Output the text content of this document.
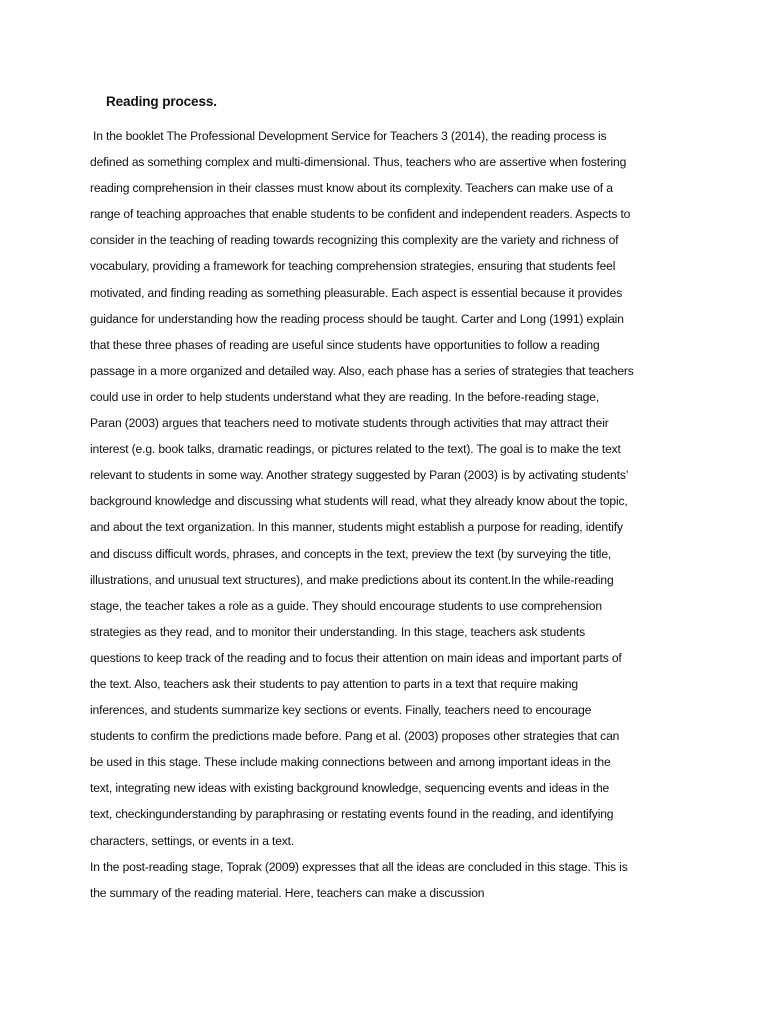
Reading process.
In the booklet The Professional Development Service for Teachers 3 (2014), the reading process is
defined as something complex and multi-dimensional. Thus, teachers who are assertive when fostering
reading comprehension in their classes must know about its complexity. Teachers can make use of a
range of teaching approaches that enable students to be confident and independent readers. Aspects to
consider in the teaching of reading towards recognizing this complexity are the variety and richness of
vocabulary, providing a framework for teaching comprehension strategies, ensuring that students feel
motivated, and finding reading as something pleasurable. Each aspect is essential because it provides
guidance for understanding how the reading process should be taught. Carter and Long (1991) explain
that these three phases of reading are useful since students have opportunities to follow a reading
passage in a more organized and detailed way. Also, each phase has a series of strategies that teachers
could use in order to help students understand what they are reading. In the before-reading stage,
Paran (2003) argues that teachers need to motivate students through activities that may attract their
interest (e.g. book talks, dramatic readings, or pictures related to the text). The goal is to make the text
relevant to students in some way. Another strategy suggested by Paran (2003) is by activating students’
background knowledge and discussing what students will read, what they already know about the topic,
and about the text organization. In this manner, students might establish a purpose for reading, identify
and discuss difficult words, phrases, and concepts in the text, preview the text (by surveying the title,
illustrations, and unusual text structures), and make predictions about its content.In the while-reading
stage, the teacher takes a role as a guide. They should encourage students to use comprehension
strategies as they read, and to monitor their understanding. In this stage, teachers ask students
questions to keep track of the reading and to focus their attention on main ideas and important parts of
the text. Also, teachers ask their students to pay attention to parts in a text that require making
inferences, and students summarize key sections or events. Finally, teachers need to encourage
students to confirm the predictions made before. Pang et al. (2003) proposes other strategies that can
be used in this stage. These include making connections between and among important ideas in the
text, integrating new ideas with existing background knowledge, sequencing events and ideas in the
text, checkingunderstanding by paraphrasing or restating events found in the reading, and identifying
characters, settings, or events in a text.
In the post-reading stage, Toprak (2009) expresses that all the ideas are concluded in this stage. This is
the summary of the reading material. Here, teachers can make a discussion
